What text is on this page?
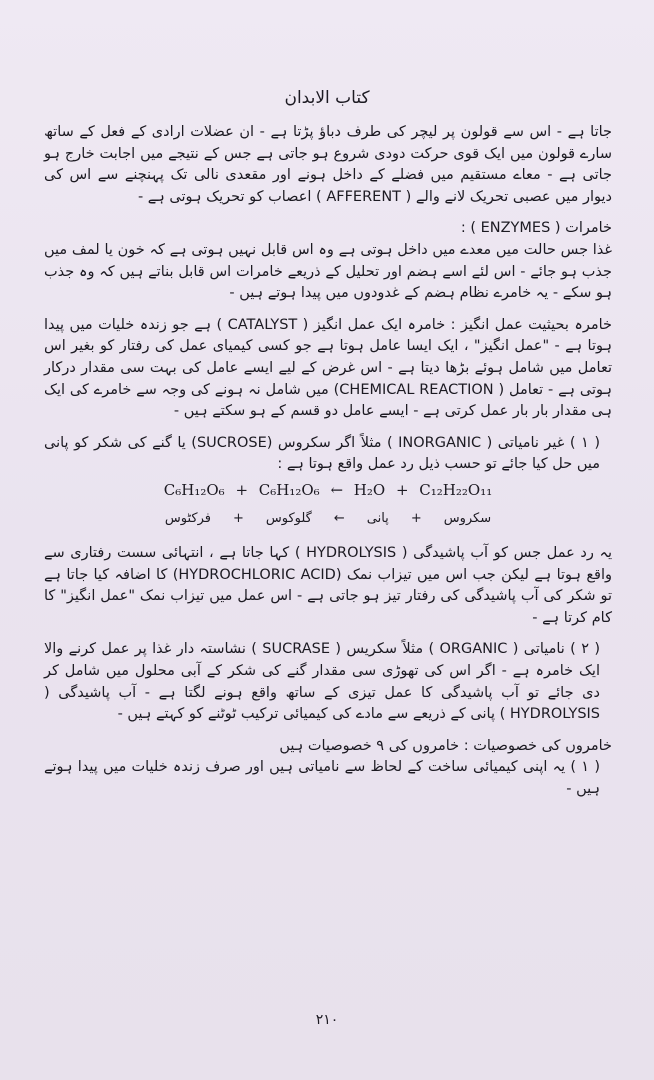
کتاب الابدان

جاتا ہے - اس سے قولون پر لیچر کی طرف دباؤ پڑتا ہے - ان عضلات ارادی کے فعل کے ساتھ سارے قولون میں ایک قوی حرکت دودی شروع ہو جاتی ہے جس کے نتیجے میں اجابت خارج ہو جاتی ہے - معاے مستقیم میں فضلے کے داخل ہونے اور مقعدی نالی تک پہنچنے سے اس کی دیوار میں عصبی تحریک لانے والے ( AFFERENT ) اعصاب کو تحریک ہوتی ہے -

خامرات ( ENZYMES ) :

غذا جس حالت میں معدے میں داخل ہوتی ہے وہ اس قابل نہیں ہوتی ہے کہ خون یا لمف میں جذب ہو جائے - اس لئے اسے ہضم اور تحلیل کے ذریعے خامرات اس قابل بناتے ہیں کہ وہ جذب ہو سکے - یہ خامرے نظام ہضم کے غدودوں میں پیدا ہوتے ہیں -

خامرہ بحیثیت عمل انگیز : خامرہ ایک عمل انگیز ( CATALYST ) ہے جو زندہ خلیات میں پیدا ہوتا ہے - "عمل انگیز" ، ایک ایسا عامل ہوتا ہے جو کسی کیمیای عمل کی رفتار کو بغیر اس تعامل میں شامل ہوئے بڑھا دیتا ہے - اس غرض کے لیے ایسے عامل کی بہت سی مقدار درکار ہوتی ہے - تعامل ( CHEMICAL REACTION) میں شامل نہ ہونے کی وجہ سے خامرے کی ایک ہی مقدار بار بار عمل کرتی ہے - ایسے عامل دو قسم کے ہو سکتے ہیں -

( ۱ ) غیر نامیاتی ( INORGANIC ) مثلاً اگر سکروس (SUCROSE) یا گنے کی شکر کو پانی میں حل کیا جائے تو حسب ذیل رد عمل واقع ہوتا ہے :

C₆H₁₂O₆ + C₆H₁₂O₆ ← H₂O + C₁₂H₂₂O₁₁
سکروس
+
پانی
←
گلوکوس
+
فرکٹوس

یہ رد عمل جس کو آب پاشیدگی ( HYDROLYSIS ) کہا جاتا ہے ، انتہائی سست رفتاری سے واقع ہوتا ہے لیکن جب اس میں تیزاب نمک (HYDROCHLORIC ACID) کا اضافہ کیا جاتا ہے تو شکر کی آب پاشیدگی کی رفتار تیز ہو جاتی ہے - اس عمل میں تیزاب نمک "عمل انگیز" کا کام کرتا ہے -

( ۲ ) نامیاتی ( ORGANIC ) مثلاً سکریس ( SUCRASE ) نشاستہ دار غذا پر عمل کرنے والا ایک خامرہ ہے - اگر اس کی تھوڑی سی مقدار گنے کی شکر کے آبی محلول میں شامل کر دی جائے تو آب پاشیدگی کا عمل تیزی کے ساتھ واقع ہونے لگتا ہے - آب پاشیدگی ( HYDROLYSIS ) پانی کے ذریعے سے مادے کی کیمیائی ترکیب ٹوٹنے کو کہتے ہیں -

خامروں کی خصوصیات : خامروں کی ۹ خصوصیات ہیں

( ۱ ) یہ اپنی کیمیائی ساخت کے لحاظ سے نامیاتی ہیں اور صرف زندہ خلیات میں پیدا ہوتے ہیں -

۲۱۰
